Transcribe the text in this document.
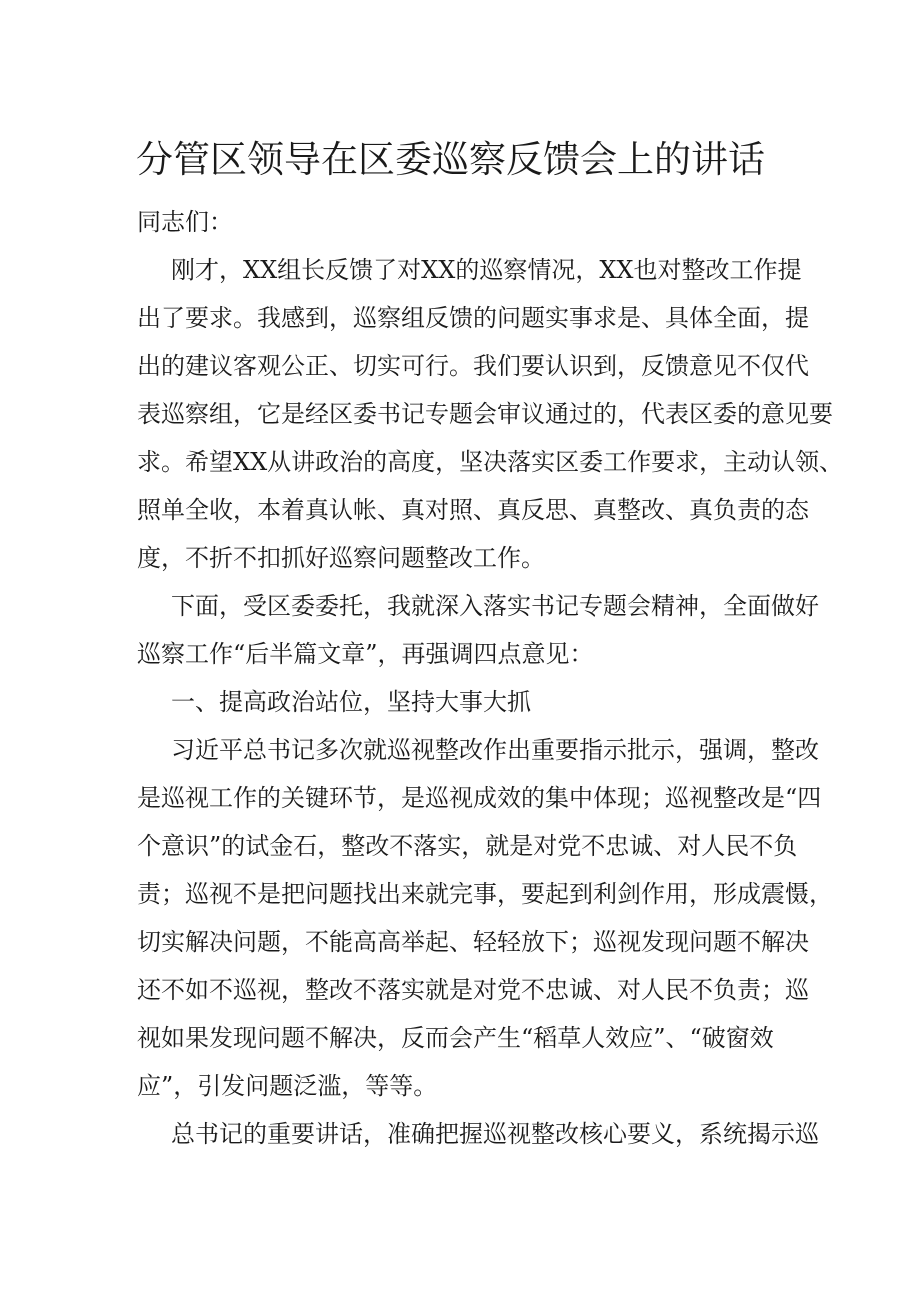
分管区领导在区委巡察反馈会上的讲话

同志们：

刚才，XX组长反馈了对XX的巡察情况，XX也对整改工作提

出了要求。我感到，巡察组反馈的问题实事求是、具体全面，提

出的建议客观公正、切实可行。我们要认识到，反馈意见不仅代

表巡察组，它是经区委书记专题会审议通过的，代表区委的意见要

求。希望XX从讲政治的高度，坚决落实区委工作要求，主动认领、

照单全收，本着真认帐、真对照、真反思、真整改、真负责的态

度，不折不扣抓好巡察问题整改工作。

下面，受区委委托，我就深入落实书记专题会精神，全面做好

巡察工作“后半篇文章”，再强调四点意见：

一、提高政治站位，坚持大事大抓

习近平总书记多次就巡视整改作出重要指示批示，强调，整改

是巡视工作的关键环节，是巡视成效的集中体现；巡视整改是“四

个意识”的试金石，整改不落实，就是对党不忠诚、对人民不负

责；巡视不是把问题找出来就完事，要起到利剑作用，形成震慑，

切实解决问题，不能高高举起、轻轻放下；巡视发现问题不解决

还不如不巡视，整改不落实就是对党不忠诚、对人民不负责；巡

视如果发现问题不解决，反而会产生“稻草人效应”、“破窗效

应”，引发问题泛滥，等等。

总书记的重要讲话，准确把握巡视整改核心要义，系统揭示巡
